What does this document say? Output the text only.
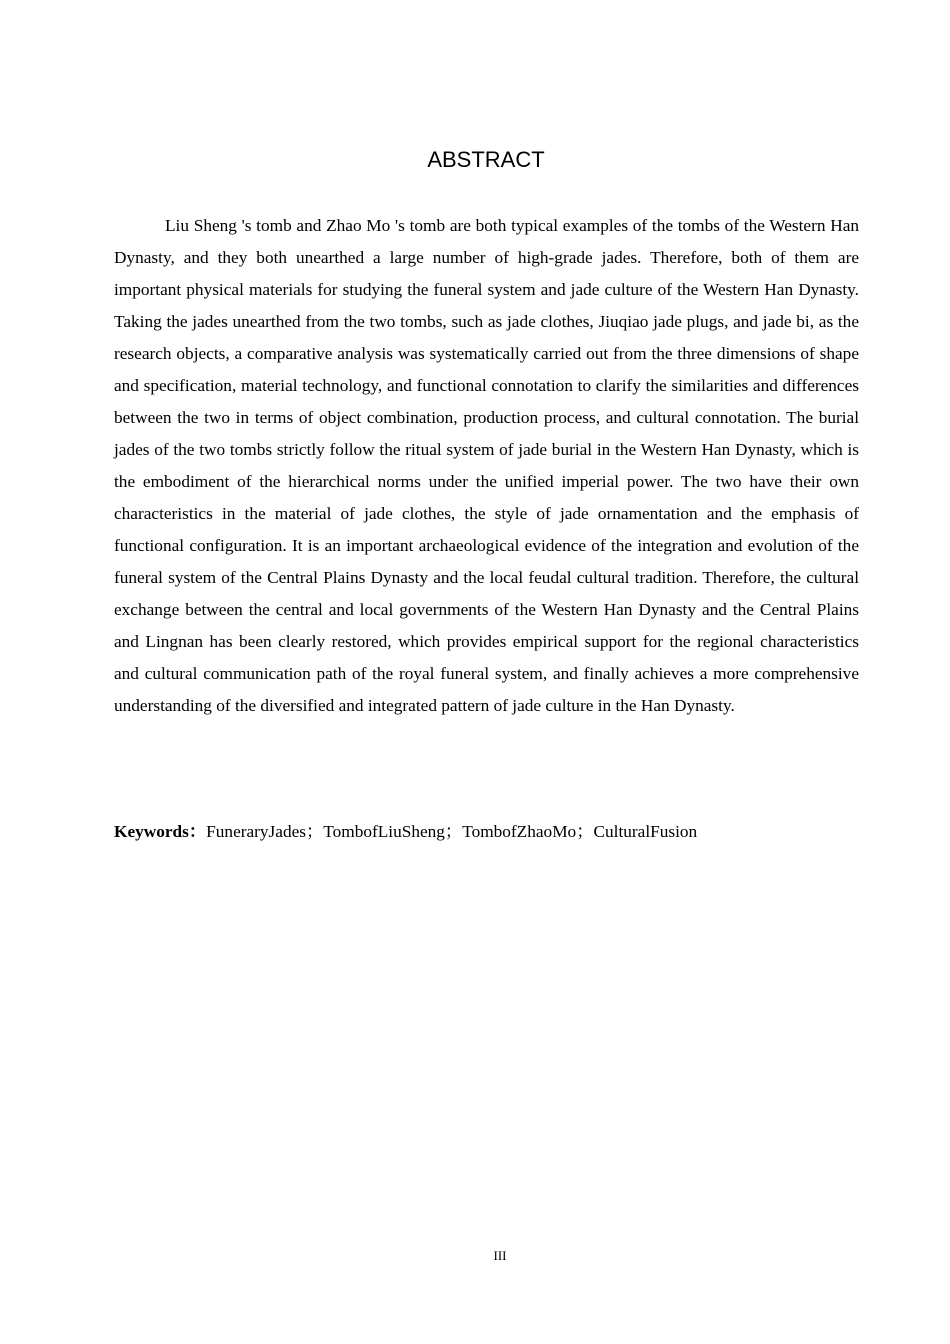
ABSTRACT

Liu Sheng 's tomb and Zhao Mo 's tomb are both typical examples of the tombs of the Western Han Dynasty, and they both unearthed a large number of high-grade jades. Therefore, both of them are important physical materials for studying the funeral system and jade culture of the Western Han Dynasty. Taking the jades unearthed from the two tombs, such as jade clothes, Jiuqiao jade plugs, and jade bi, as the research objects, a comparative analysis was systematically carried out from the three dimensions of shape and specification, material technology, and functional connotation to clarify the similarities and differences between the two in terms of object combination, production process, and cultural connotation. The burial jades of the two tombs strictly follow the ritual system of jade burial in the Western Han Dynasty, which is the embodiment of the hierarchical norms under the unified imperial power. The two have their own characteristics in the material of jade clothes, the style of jade ornamentation and the emphasis of functional configuration. It is an important archaeological evidence of the integration and evolution of the funeral system of the Central Plains Dynasty and the local feudal cultural tradition. Therefore, the cultural exchange between the central and local governments of the Western Han Dynasty and the Central Plains and Lingnan has been clearly restored, which provides empirical support for the regional characteristics and cultural communication path of the royal funeral system, and finally achieves a more comprehensive understanding of the diversified and integrated pattern of jade culture in the Han Dynasty.

Keywords：FuneraryJades；TombofLiuSheng；TombofZhaoMo；CulturalFusion

III
